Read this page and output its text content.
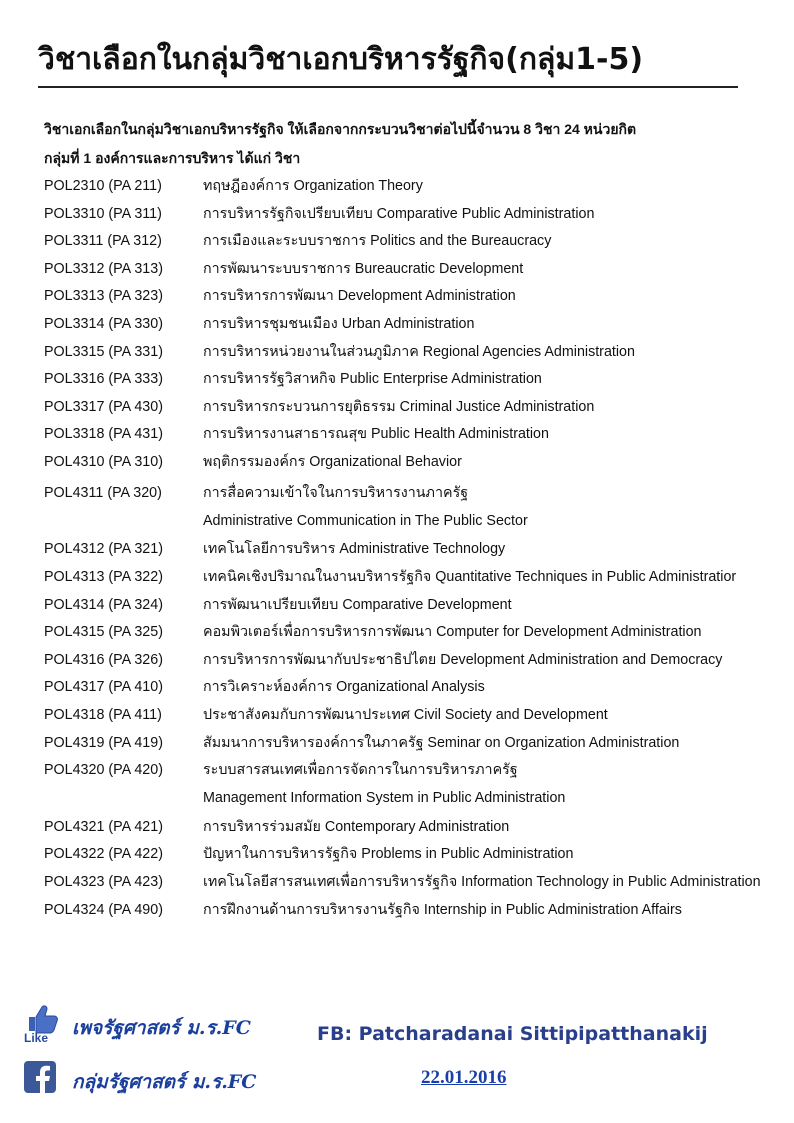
วิชาเลือกในกลุ่มวิชาเอกบริหารรัฐกิจ(กลุ่ม1-5)
วิชาเอกเลือกในกลุ่มวิชาเอกบริหารรัฐกิจ ให้เลือกจากกระบวนวิชาต่อไปนี้จำนวน 8 วิชา 24 หน่วยกิต
กลุ่มที่ 1 องค์การและการบริหาร ได้แก่ วิชา
POL2310 (PA 211)	ทฤษฎีองค์การ Organization Theory
POL3310 (PA 311)	การบริหารรัฐกิจเปรียบเทียบ Comparative Public Administration
POL3311 (PA 312)	การเมืองและระบบราชการ Politics and the Bureaucracy
POL3312 (PA 313)	การพัฒนาระบบราชการ Bureaucratic Development
POL3313 (PA 323)	การบริหารการพัฒนา Development Administration
POL3314 (PA 330)	การบริหารชุมชนเมือง Urban Administration
POL3315 (PA 331)	การบริหารหน่วยงานในส่วนภูมิภาค Regional Agencies Administration
POL3316 (PA 333)	การบริหารรัฐวิสาหกิจ Public Enterprise Administration
POL3317 (PA 430)	การบริหารกระบวนการยุติธรรม Criminal Justice Administration
POL3318 (PA 431)	การบริหารงานสาธารณสุข Public Health Administration
POL4310 (PA 310)	พฤติกรรมองค์กร Organizational Behavior
POL4311 (PA 320)	การสื่อความเข้าใจในการบริหารงานภาครัฐ
Administrative Communication in The Public Sector
POL4312 (PA 321)	เทคโนโลยีการบริหาร Administrative Technology
POL4313 (PA 322)	เทคนิคเชิงปริมาณในงานบริหารรัฐกิจ Quantitative Techniques in Public Administratior
POL4314 (PA 324)	การพัฒนาเปรียบเทียบ Comparative Development
POL4315 (PA 325)	คอมพิวเตอร์เพื่อการบริหารการพัฒนา Computer for Development Administration
POL4316 (PA 326)	การบริหารการพัฒนากับประชาธิปไตย Development Administration and Democracy
POL4317 (PA 410)	การวิเคราะห์องค์การ Organizational Analysis
POL4318 (PA 411)	ประชาสังคมกับการพัฒนาประเทศ Civil Society and Development
POL4319 (PA 419)	สัมมนาการบริหารองค์การในภาครัฐ Seminar on Organization Administration
POL4320 (PA 420)	ระบบสารสนเทศเพื่อการจัดการในการบริหารภาครัฐ
Management Information System in Public Administration
POL4321 (PA 421)	การบริหารร่วมสมัย Contemporary Administration
POL4322 (PA 422)	ปัญหาในการบริหารรัฐกิจ Problems in Public Administration
POL4323 (PA 423)	เทคโนโลยีสารสนเทศเพื่อการบริหารรัฐกิจ Information Technology in Public Administration
POL4324 (PA 490)	การฝึกงานด้านการบริหารงานรัฐกิจ Internship in Public Administration Affairs
Like เพจรัฐศาสตร์ ม.ร.FC
กลุ่มรัฐศาสตร์ ม.ร.FC
FB: Patcharadanai Sittipipatthanakij
22.01.2016
